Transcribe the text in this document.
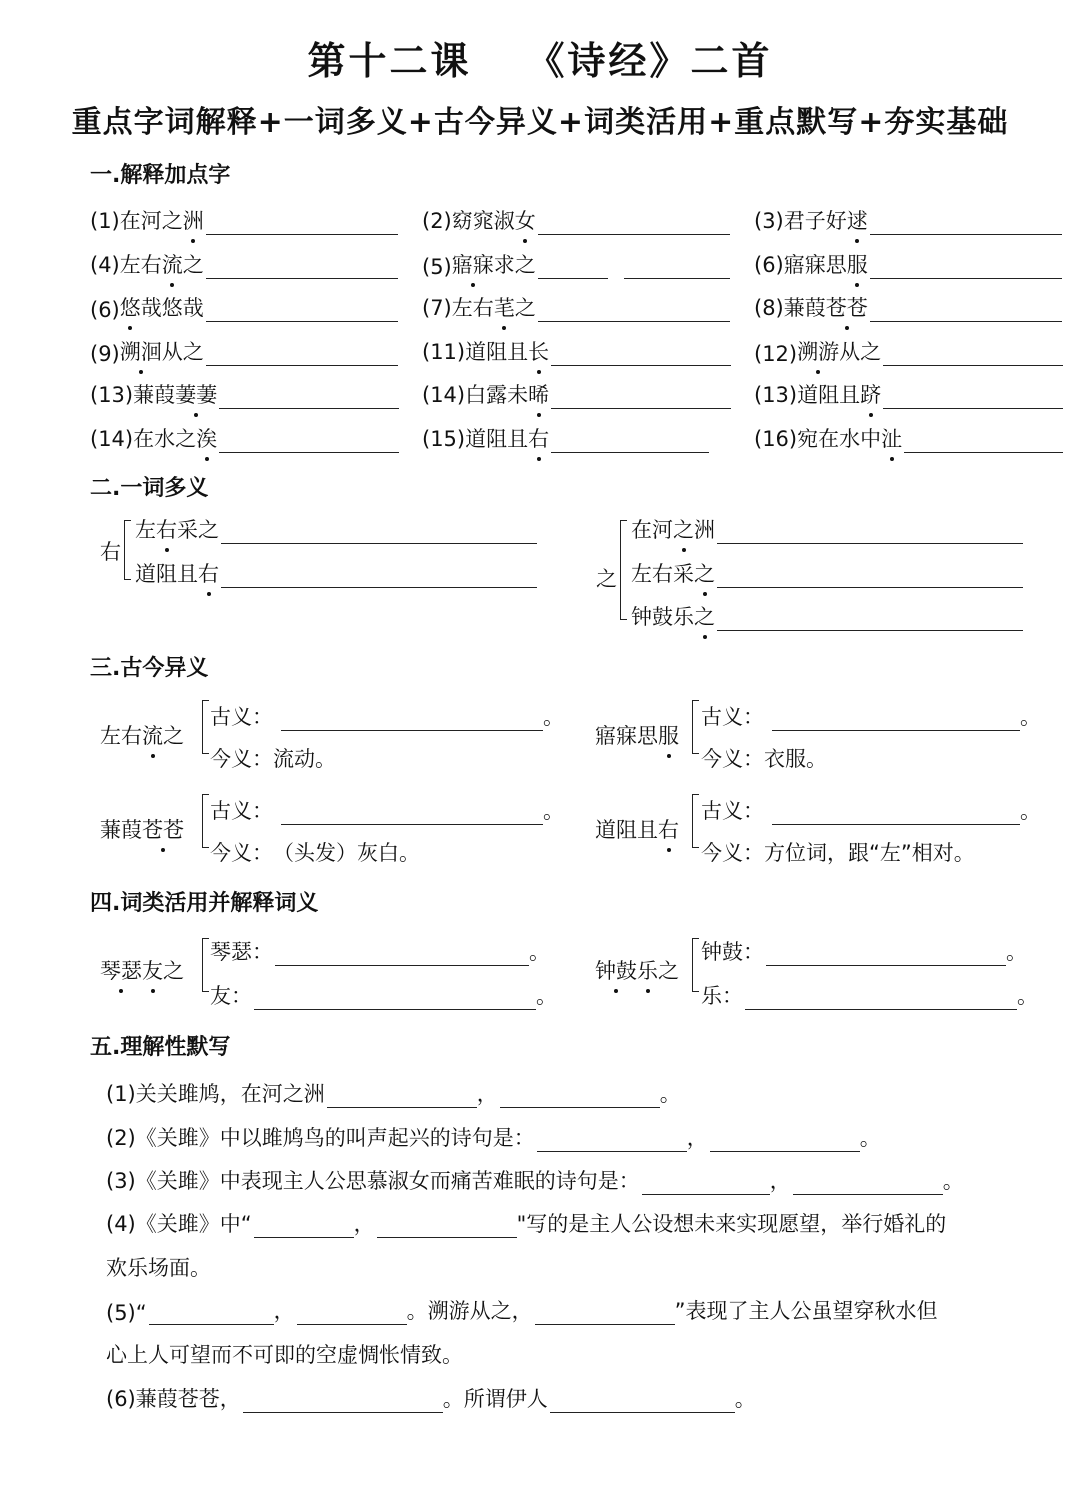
第十二课 《诗经》二首
重点字词解释+一词多义+古今异义+词类活用+重点默写+夯实基础
一.解释加点字
(1)在河之 洲	(2)窈窕淑 女	(3)君子好 逑
(4)左右 流 之	(5) 寤寐 求之	(6)寤寐思 服
(6) 悠 哉悠哉	(7)左右 芼 之	(8)蒹葭 苍苍
(9) 溯洄 从之	(11)道阻且 长	(12) 溯游 从之
(13)蒹葭 萋萋	(14)白露未 晞	(13)道阻且 跻
(14)在水之 涘	(15)道阻且 右	(16)宛在水中 沚
二.一词多义
右
左 右 采之
道阻且 右	之
在河 之 洲
左右采 之
钟鼓乐 之
三.古今异义
左右 流 之
古义：	。
今义： 流动。
寤寐思 服
古义：	。
今义： 衣服。
蒹葭 苍苍
古义：	。
今义： （头发）灰白。
道阻且 右
古义：	。
今义： 方位词，跟“左”相对。
四.词类活用并解释词义
琴瑟 友 之
琴瑟：	。
友：	。
钟鼓 乐 之
钟鼓：	。
乐：	。
五.理解性默写
(1)关关雎鸠，在河之洲	，	。
(2)《关雎》中以雎鸠鸟的叫声起兴的诗句是：	，	。
(3)《关雎》中表现主人公思慕淑女而痛苦难眠的诗句是：	，	。
(4)《关雎》中“	，	"写的是主人公设想未来实现愿望，举行婚礼的
欢乐场面。
(5)“	，	。溯游从之，	”表现了主人公虽望穿秋水但
心上人可望而不可即的空虚惆怅情致。
(6)蒹葭苍苍，	。所谓伊人	。
